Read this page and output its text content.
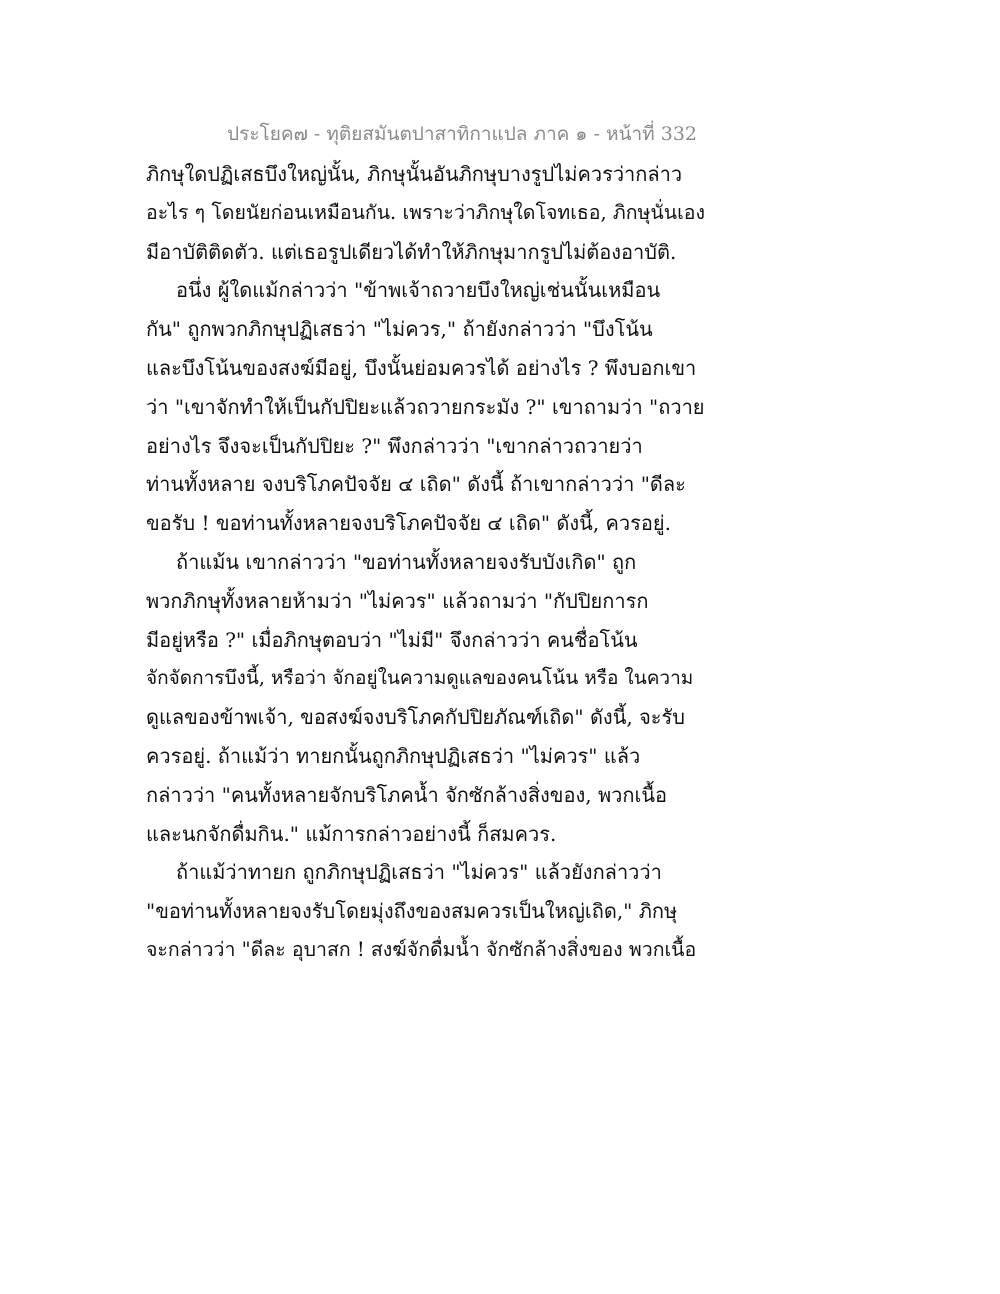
ประโยค๗ - ทุติยสมันตปาสาทิกาแปล ภาค ๑ - หน้าที่ 332
ภิกษุใดปฏิเสธบึงใหญ่นั้น, ภิกษุนั้นอันภิกษุบางรูปไม่ควรว่ากล่าว
อะไร ๆ โดยนัยก่อนเหมือนกัน. เพราะว่าภิกษุใดโจทเธอ, ภิกษุนั่นเอง
มีอาบัติติดตัว. แต่เธอรูปเดียวได้ทำให้ภิกษุมากรูปไม่ต้องอาบัติ.
อนึ่ง ผู้ใดแม้กล่าวว่า "ข้าพเจ้าถวายบึงใหญ่เช่นนั้นเหมือน
กัน" ถูกพวกภิกษุปฏิเสธว่า "ไม่ควร," ถ้ายังกล่าวว่า "บึงโน้น
และบึงโน้นของสงฆ์มีอยู่, บึงนั้นย่อมควรได้ อย่างไร ? พึงบอกเขา
ว่า "เขาจักทำให้เป็นกัปปิยะแล้วถวายกระมัง ?" เขาถามว่า "ถวาย
อย่างไร จึงจะเป็นกัปปิยะ ?" พึงกล่าวว่า "เขากล่าวถวายว่า
ท่านทั้งหลาย จงบริโภคปัจจัย ๔ เถิด" ดังนี้ ถ้าเขากล่าวว่า "ดีละ
ขอรับ ! ขอท่านทั้งหลายจงบริโภคปัจจัย ๔ เถิด" ดังนี้, ควรอยู่.
ถ้าแม้น เขากล่าวว่า "ขอท่านทั้งหลายจงรับบังเกิด" ถูก
พวกภิกษุทั้งหลายห้ามว่า "ไม่ควร" แล้วถามว่า "กัปปิยการก
มีอยู่หรือ ?" เมื่อภิกษุตอบว่า "ไม่มี" จึงกล่าวว่า คนชื่อโน้น
จักจัดการบึงนี้, หรือว่า จักอยู่ในความดูแลของคนโน้น หรือ ในความ
ดูแลของข้าพเจ้า, ขอสงฆ์จงบริโภคกัปปิยภัณฑ์เถิด" ดังนี้, จะรับ
ควรอยู่. ถ้าแม้ว่า ทายกนั้นถูกภิกษุปฏิเสธว่า "ไม่ควร" แล้ว
กล่าวว่า "คนทั้งหลายจักบริโภคน้ำ จักซักล้างสิ่งของ, พวกเนื้อ
และนกจักดื่มกิน." แม้การกล่าวอย่างนี้ ก็สมควร.
ถ้าแม้ว่าทายก ถูกภิกษุปฏิเสธว่า "ไม่ควร" แล้วยังกล่าวว่า
"ขอท่านทั้งหลายจงรับโดยมุ่งถึงของสมควรเป็นใหญ่เถิด," ภิกษุ
จะกล่าวว่า "ดีละ อุบาสก ! สงฆ์จักดื่มน้ำ จักซักล้างสิ่งของ พวกเนื้อ
